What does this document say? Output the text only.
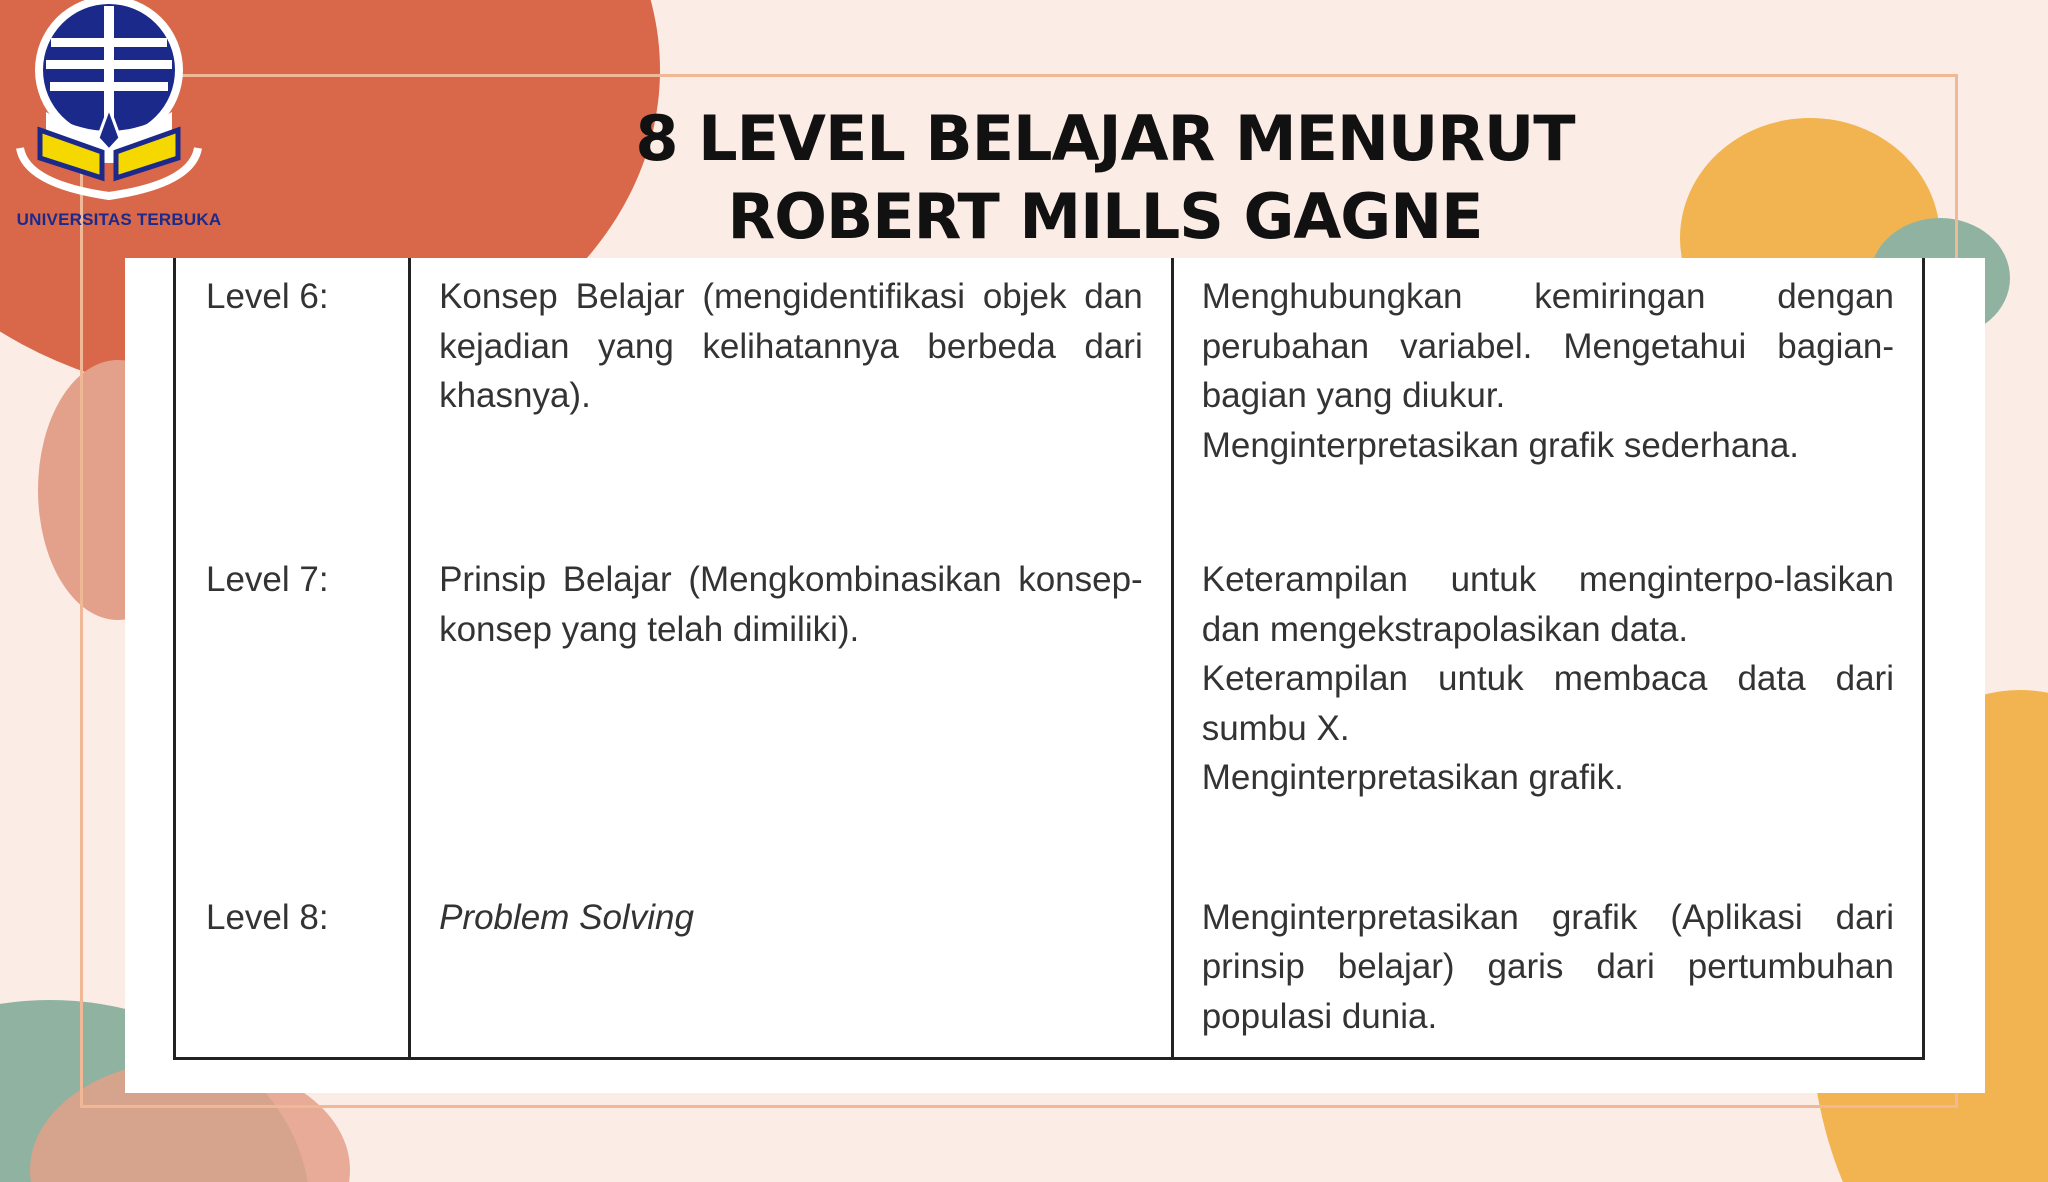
UNIVERSITAS TERBUKA
8 LEVEL BELAJAR MENURUT
ROBERT MILLS GAGNE
Level 6:	Konsep Belajar (mengidentifikasi objek dan kejadian yang kelihatannya berbeda dari khasnya).	Menghubungkan kemiringan dengan perubahan variabel. Mengetahui bagian-bagian yang diukur.
Menginterpretasikan grafik sederhana.

Level 7:	Prinsip Belajar (Mengkombinasikan konsep-konsep yang telah dimiliki).	Keterampilan untuk menginterpo-lasikan dan mengekstrapolasikan data.
Keterampilan untuk membaca data dari sumbu X.
Menginterpretasikan grafik.

Level 8:	Problem Solving	Menginterpretasikan grafik (Aplikasi dari prinsip belajar) garis dari pertumbuhan populasi dunia.
